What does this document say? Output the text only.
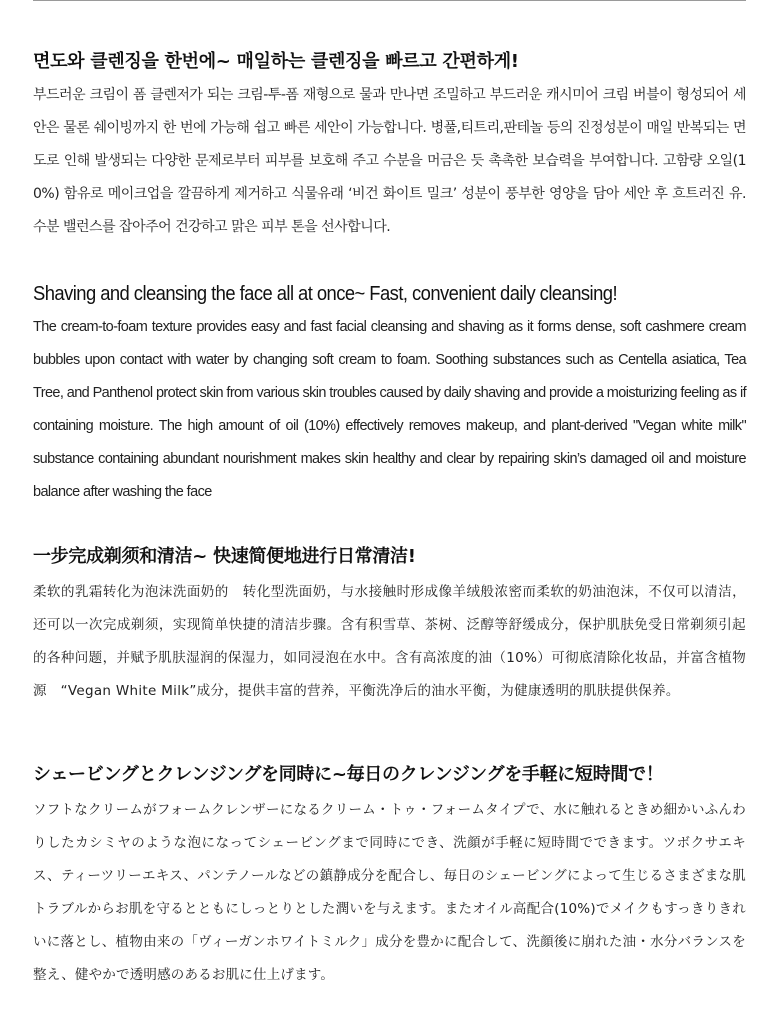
면도와 클렌징을 한번에~ 매일하는 클렌징을 빠르고 간편하게!

부드러운 크림이 폼 클렌저가 되는 크림-투-폼 재형으로 물과 만나면 조밀하고 부드러운 캐시미어 크림 버블이 형성되어 세안은 물론 쉐이빙까지 한 번에 가능해 쉽고 빠른 세안이 가능합니다. 병풀,티트리,판테놀 등의 진정성분이 매일 반복되는 면도로 인해 발생되는 다양한 문제로부터 피부를 보호해 주고 수분을 머금은 듯 촉촉한 보습력을 부여합니다. 고함량 오일(10%) 함유로 메이크업을 깔끔하게 제거하고 식물유래 ‘비건 화이트 밀크’ 성분이 풍부한 영양을 담아 세안 후 흐트러진 유.수분 밸런스를 잡아주어 건강하고 맑은 피부 톤을 선사합니다.

Shaving and cleansing the face all at once~ Fast, convenient daily cleansing!

The cream-to-foam texture provides easy and fast facial cleansing and shaving as it forms dense, soft cashmere cream bubbles upon contact with water by changing soft cream to foam. Soothing substances such as Centella asiatica, Tea Tree, and Panthenol protect skin from various skin troubles caused by daily shaving and provide a moisturizing feeling as if containing moisture. The high amount of oil (10%) effectively removes makeup, and plant-derived "Vegan white milk" substance containing abundant nourishment makes skin healthy and clear by repairing skin’s damaged oil and moisture balance after washing the face

一步完成剃须和清洁~ 快速简便地进行日常清洁!

柔软的乳霜转化为泡沫洗面奶的　转化型洗面奶，与水接触时形成像羊绒般浓密而柔软的奶油泡沫，不仅可以清洁，还可以一次完成剃须，实现简单快捷的清洁步骤。含有积雪草、茶树、泛醇等舒缓成分，保护肌肤免受日常剃须引起的各种问题，并赋予肌肤湿润的保湿力，如同浸泡在水中。含有高浓度的油（10%）可彻底清除化妆品，并富含植物源　“Vegan White Milk”成分，提供丰富的营养，平衡洗净后的油水平衡，为健康透明的肌肤提供保养。

シェービングとクレンジングを同時に~毎日のクレンジングを手軽に短時間で！

ソフトなクリームがフォームクレンザーになるクリーム・トゥ・フォームタイプで、水に触れるときめ細かいふんわりしたカシミヤのような泡になってシェービングまで同時にでき、洗顔が手軽に短時間でできます。ツボクサエキス、ティーツリーエキス、パンテノールなどの鎮静成分を配合し、毎日のシェービングによって生じるさまざまな肌トラブルからお肌を守るとともにしっとりとした潤いを与えます。またオイル高配合(10%)でメイクもすっきりきれいに落とし、植物由来の「ヴィーガンホワイトミルク」成分を豊かに配合して、洗顔後に崩れた油・水分バランスを整え、健やかで透明感のあるお肌に仕上げます。
